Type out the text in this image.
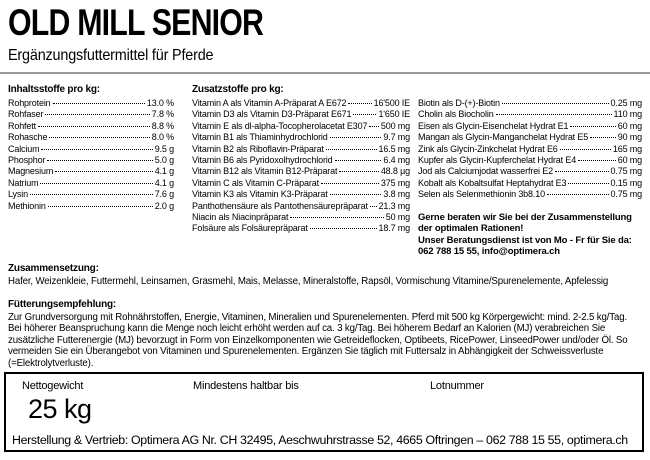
OLD MILL SENIOR
Ergänzungsfuttermittel für Pferde
Inhaltsstoffe pro kg:
Rohprotein	13.0 %
Rohfaser	7.8 %
Rohfett	8.8 %
Rohasche	8.0 %
Calcium	9.5 g
Phosphor	5.0 g
Magnesium	4.1 g
Natrium	4.1 g
Lysin	7.6 g
Methionin	2.0 g
Zusatzstoffe pro kg:
Vitamin A als Vitamin A-Präparat A E672	16'500 IE
Vitamin D3 als Vitamin D3-Präparat E671	1'650 IE
Vitamin E als dl-alpha-Tocopherolacetat E307 500 mg
Vitamin B1 als Thiaminhydrochlorid	9.7 mg
Vitamin B2 als Riboflavin-Präparat	16.5 mg
Vitamin B6 als Pyridoxolhydrochlorid	6.4 mg
Vitamin B12 als Vitamin B12-Präparat	48.8 µg
Vitamin C als Vitamin C-Präparat	375 mg
Vitamin K3 als Vitamin K3-Präparat	3.8 mg
Panthothensäure als Pantothensäurepräparat 21.3 mg
Niacin als Niacinpräparat	50 mg
Folsäure als Folsäurepräparat	18.7 mg
Biotin als D-(+)-Biotin	0.25 mg
Cholin als Biocholin	110 mg
Eisen als Glycin-Eisenchelat Hydrat E1	60 mg
Mangan als Glycin-Manganchelat Hydrat E5	90 mg
Zink als Glycin-Zinkchelat Hydrat E6	165 mg
Kupfer als Glycin-Kupferchelat Hydrat E4	60 mg
Jod als Calciumjodat wasserfrei E2	0.75 mg
Kobalt als Kobaltsulfat Heptahydrat E3	0.15 mg
Selen als Selenmethionin 3b8.10	0.75 mg
Gerne beraten wir Sie bei der Zusammenstellung der optimalen Rationen!
Unser Beratungsdienst ist von Mo - Fr für Sie da:
062 788 15 55, info@optimera.ch
Zusammensetzung:
Hafer, Weizenkleie, Futtermehl, Leinsamen, Grasmehl, Mais, Melasse, Mineralstoffe, Rapsöl, Vormischung Vitamine/Spurenelemente, Apfelessig
Fütterungsempfehlung:
Zur Grundversorgung mit Rohnährstoffen, Energie, Vitaminen, Mineralien und Spurenelementen. Pferd mit 500 kg Körpergewicht: mind. 2-2.5 kg/Tag. Bei höherer Beanspruchung kann die Menge noch leicht erhöht werden auf ca. 3 kg/Tag. Bei höherem Bedarf an Kalorien (MJ) verabreichen Sie zusätzliche Futterenergie (MJ) bevorzugt in Form von Einzelkomponenten wie Getreideflocken, Optibeets, RicePower, LinseedPower und/oder Öl. So vermeiden Sie ein Überangebot von Vitaminen und Spurenelementen. Ergänzen Sie täglich mit Futtersalz in Abhängigkeit der Schweissverluste (=Elektrolytverluste).
Nettogewicht	Mindestens haltbar bis	Lotnummer
25 kg
Herstellung & Vertrieb: Optimera AG Nr. CH 32495, Aeschwuhrstrasse 52, 4665 Oftringen – 062 788 15 55, optimera.ch
